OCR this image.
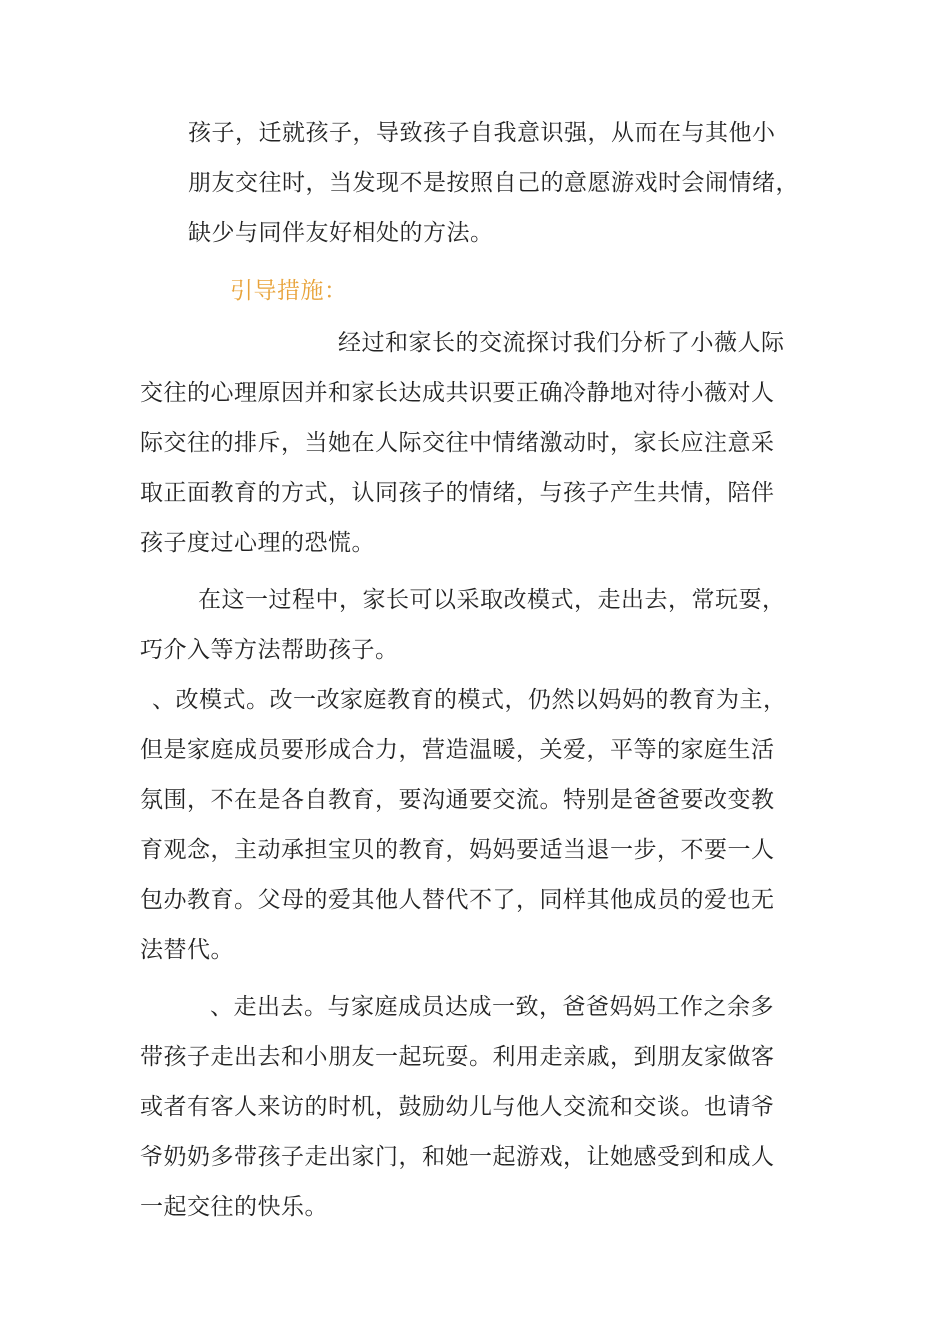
孩子，迁就孩子，导致孩子自我意识强，从而在与其他小
朋友交往时，当发现不是按照自己的意愿游戏时会闹情绪，
缺少与同伴友好相处的方法。
引导措施：
经过和家长的交流探讨我们分析了小薇人际
交往的心理原因并和家长达成共识要正确冷静地对待小薇对人
际交往的排斥，当她在人际交往中情绪激动时，家长应注意采
取正面教育的方式，认同孩子的情绪，与孩子产生共情，陪伴
孩子度过心理的恐慌。
在这一过程中，家长可以采取改模式，走出去，常玩耍，
巧介入等方法帮助孩子。
、改模式。改一改家庭教育的模式，仍然以妈妈的教育为主，
但是家庭成员要形成合力，营造温暖，关爱，平等的家庭生活
氛围，不在是各自教育，要沟通要交流。特别是爸爸要改变教
育观念，主动承担宝贝的教育，妈妈要适当退一步，不要一人
包办教育。父母的爱其他人替代不了，同样其他成员的爱也无
法替代。
、走出去。与家庭成员达成一致，爸爸妈妈工作之余多
带孩子走出去和小朋友一起玩耍。利用走亲戚，到朋友家做客
或者有客人来访的时机，鼓励幼儿与他人交流和交谈。也请爷
爷奶奶多带孩子走出家门，和她一起游戏，让她感受到和成人
一起交往的快乐。
